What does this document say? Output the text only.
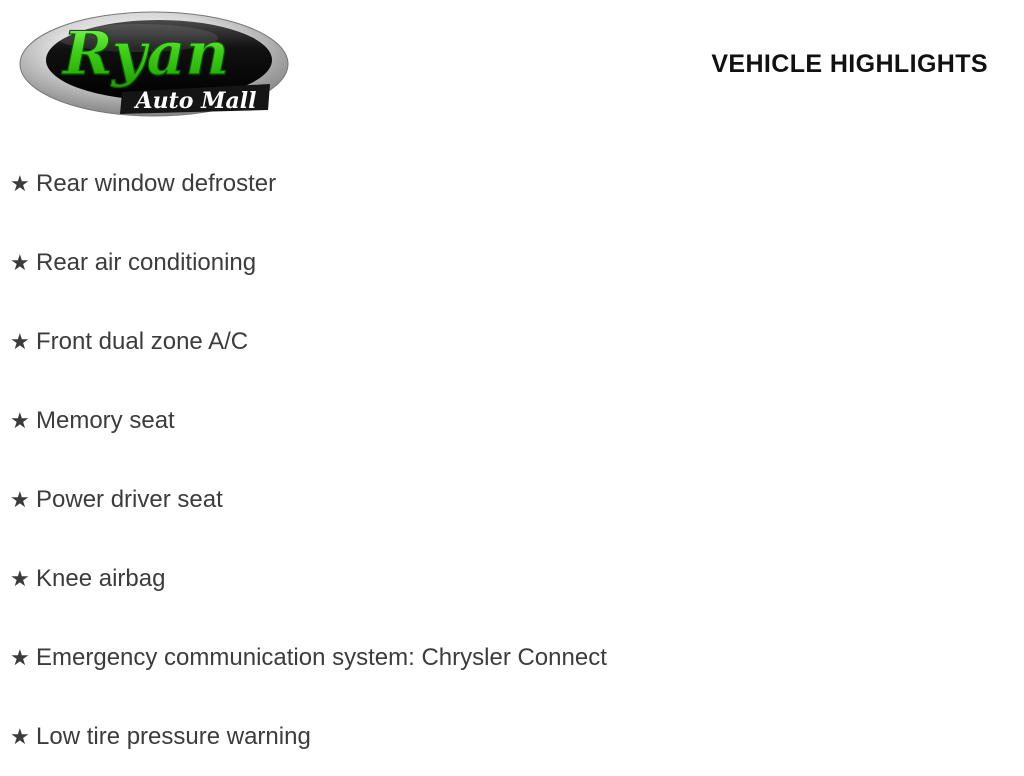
Ryan
Auto Mall
VEHICLE HIGHLIGHTS
★ Rear window defroster
★ Rear air conditioning
★ Front dual zone A/C
★ Memory seat
★ Power driver seat
★ Knee airbag
★ Emergency communication system: Chrysler Connect
★ Low tire pressure warning
